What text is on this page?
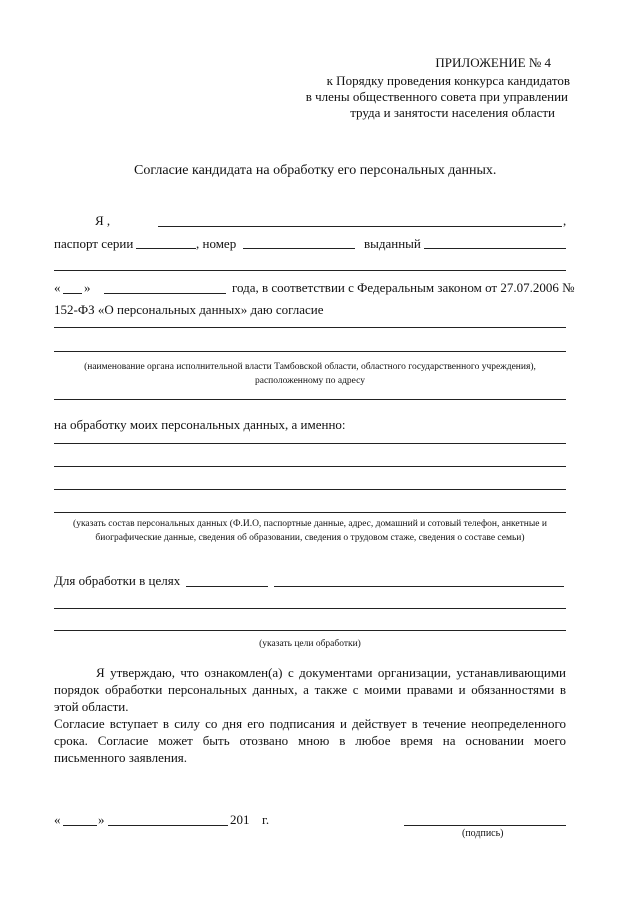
ПРИЛОЖЕНИЕ № 4
к Порядку проведения конкурса кандидатов
в члены общественного совета при управлении
труда и занятости населения области
Согласие кандидата на обработку его персональных данных.
Я ,	,
паспорт серии	, номер	выданный
« »	года, в соответствии с Федеральным законом от 27.07.2006 №
152-ФЗ «О персональных данных» даю согласие
(наименование органа исполнительной власти Тамбовской области, областного государственного учреждения), расположенному по адресу
на обработку моих персональных данных, а именно:
(указать состав персональных данных (Ф.И.О, паспортные данные, адрес, домашний и сотовый телефон, анкетные и биографические данные, сведения об образовании, сведения о трудовом стаже, сведения о составе семьи)
Для обработки в целях
(указать цели обработки)
Я утверждаю, что ознакомлен(а) с документами организации, устанавливающими порядок обработки персональных данных, а также с моими правами и обязанностями в этой области.
Согласие вступает в силу со дня его подписания и действует в течение неопределенного срока. Согласие может быть отозвано мною в любое время на основании моего письменного заявления.
«	»	201 г.
(подпись)
